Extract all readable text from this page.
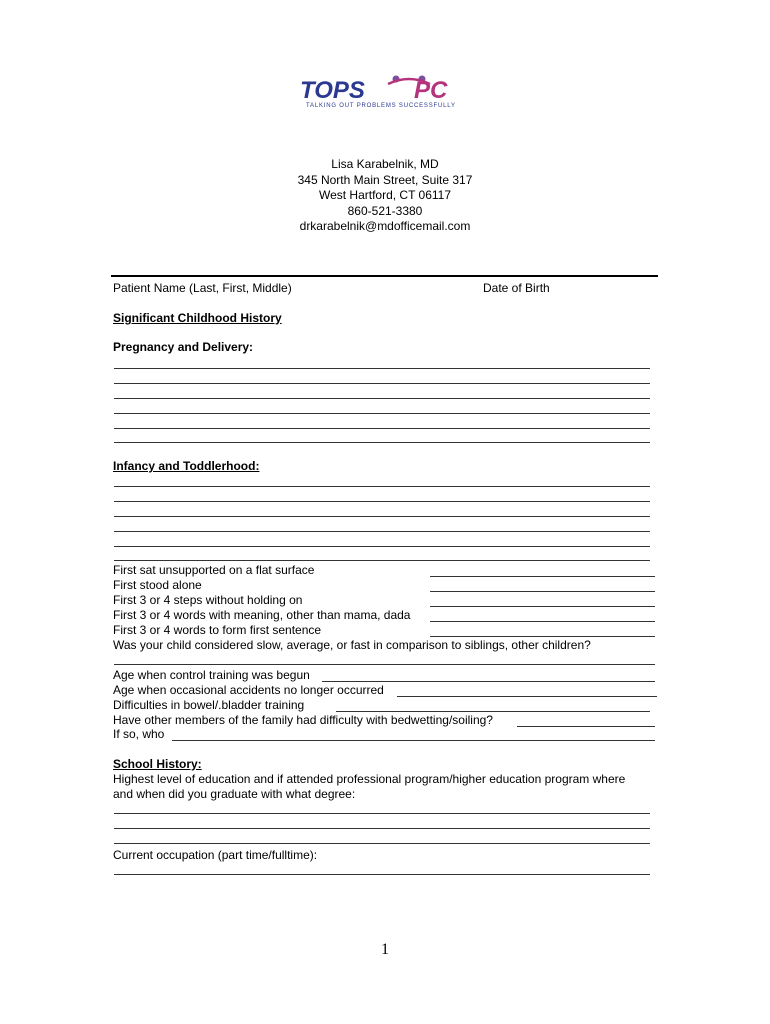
TOPS PC
TALKING OUT PROBLEMS SUCCESSFULLY
Lisa Karabelnik, MD
345 North Main Street, Suite 317
West Hartford, CT 06117
860-521-3380
drkarabelnik@mdofficemail.com
Patient Name (Last, First, Middle)	Date of Birth
Significant Childhood History
Pregnancy and Delivery:
Infancy and Toddlerhood:
First sat unsupported on a flat surface
First stood alone
First 3 or 4 steps without holding on
First 3 or 4 words with meaning, other than mama, dada
First 3 or 4 words to form first sentence
Was your child considered slow, average, or fast in comparison to siblings, other children?
Age when control training was begun
Age when occasional accidents no longer occurred
Difficulties in bowel/.bladder training
Have other members of the family had difficulty with bedwetting/soiling?
If so, who
School History:
Highest level of education and if attended professional program/higher education program where
and when did you graduate with what degree:
Current occupation (part time/fulltime):
1
